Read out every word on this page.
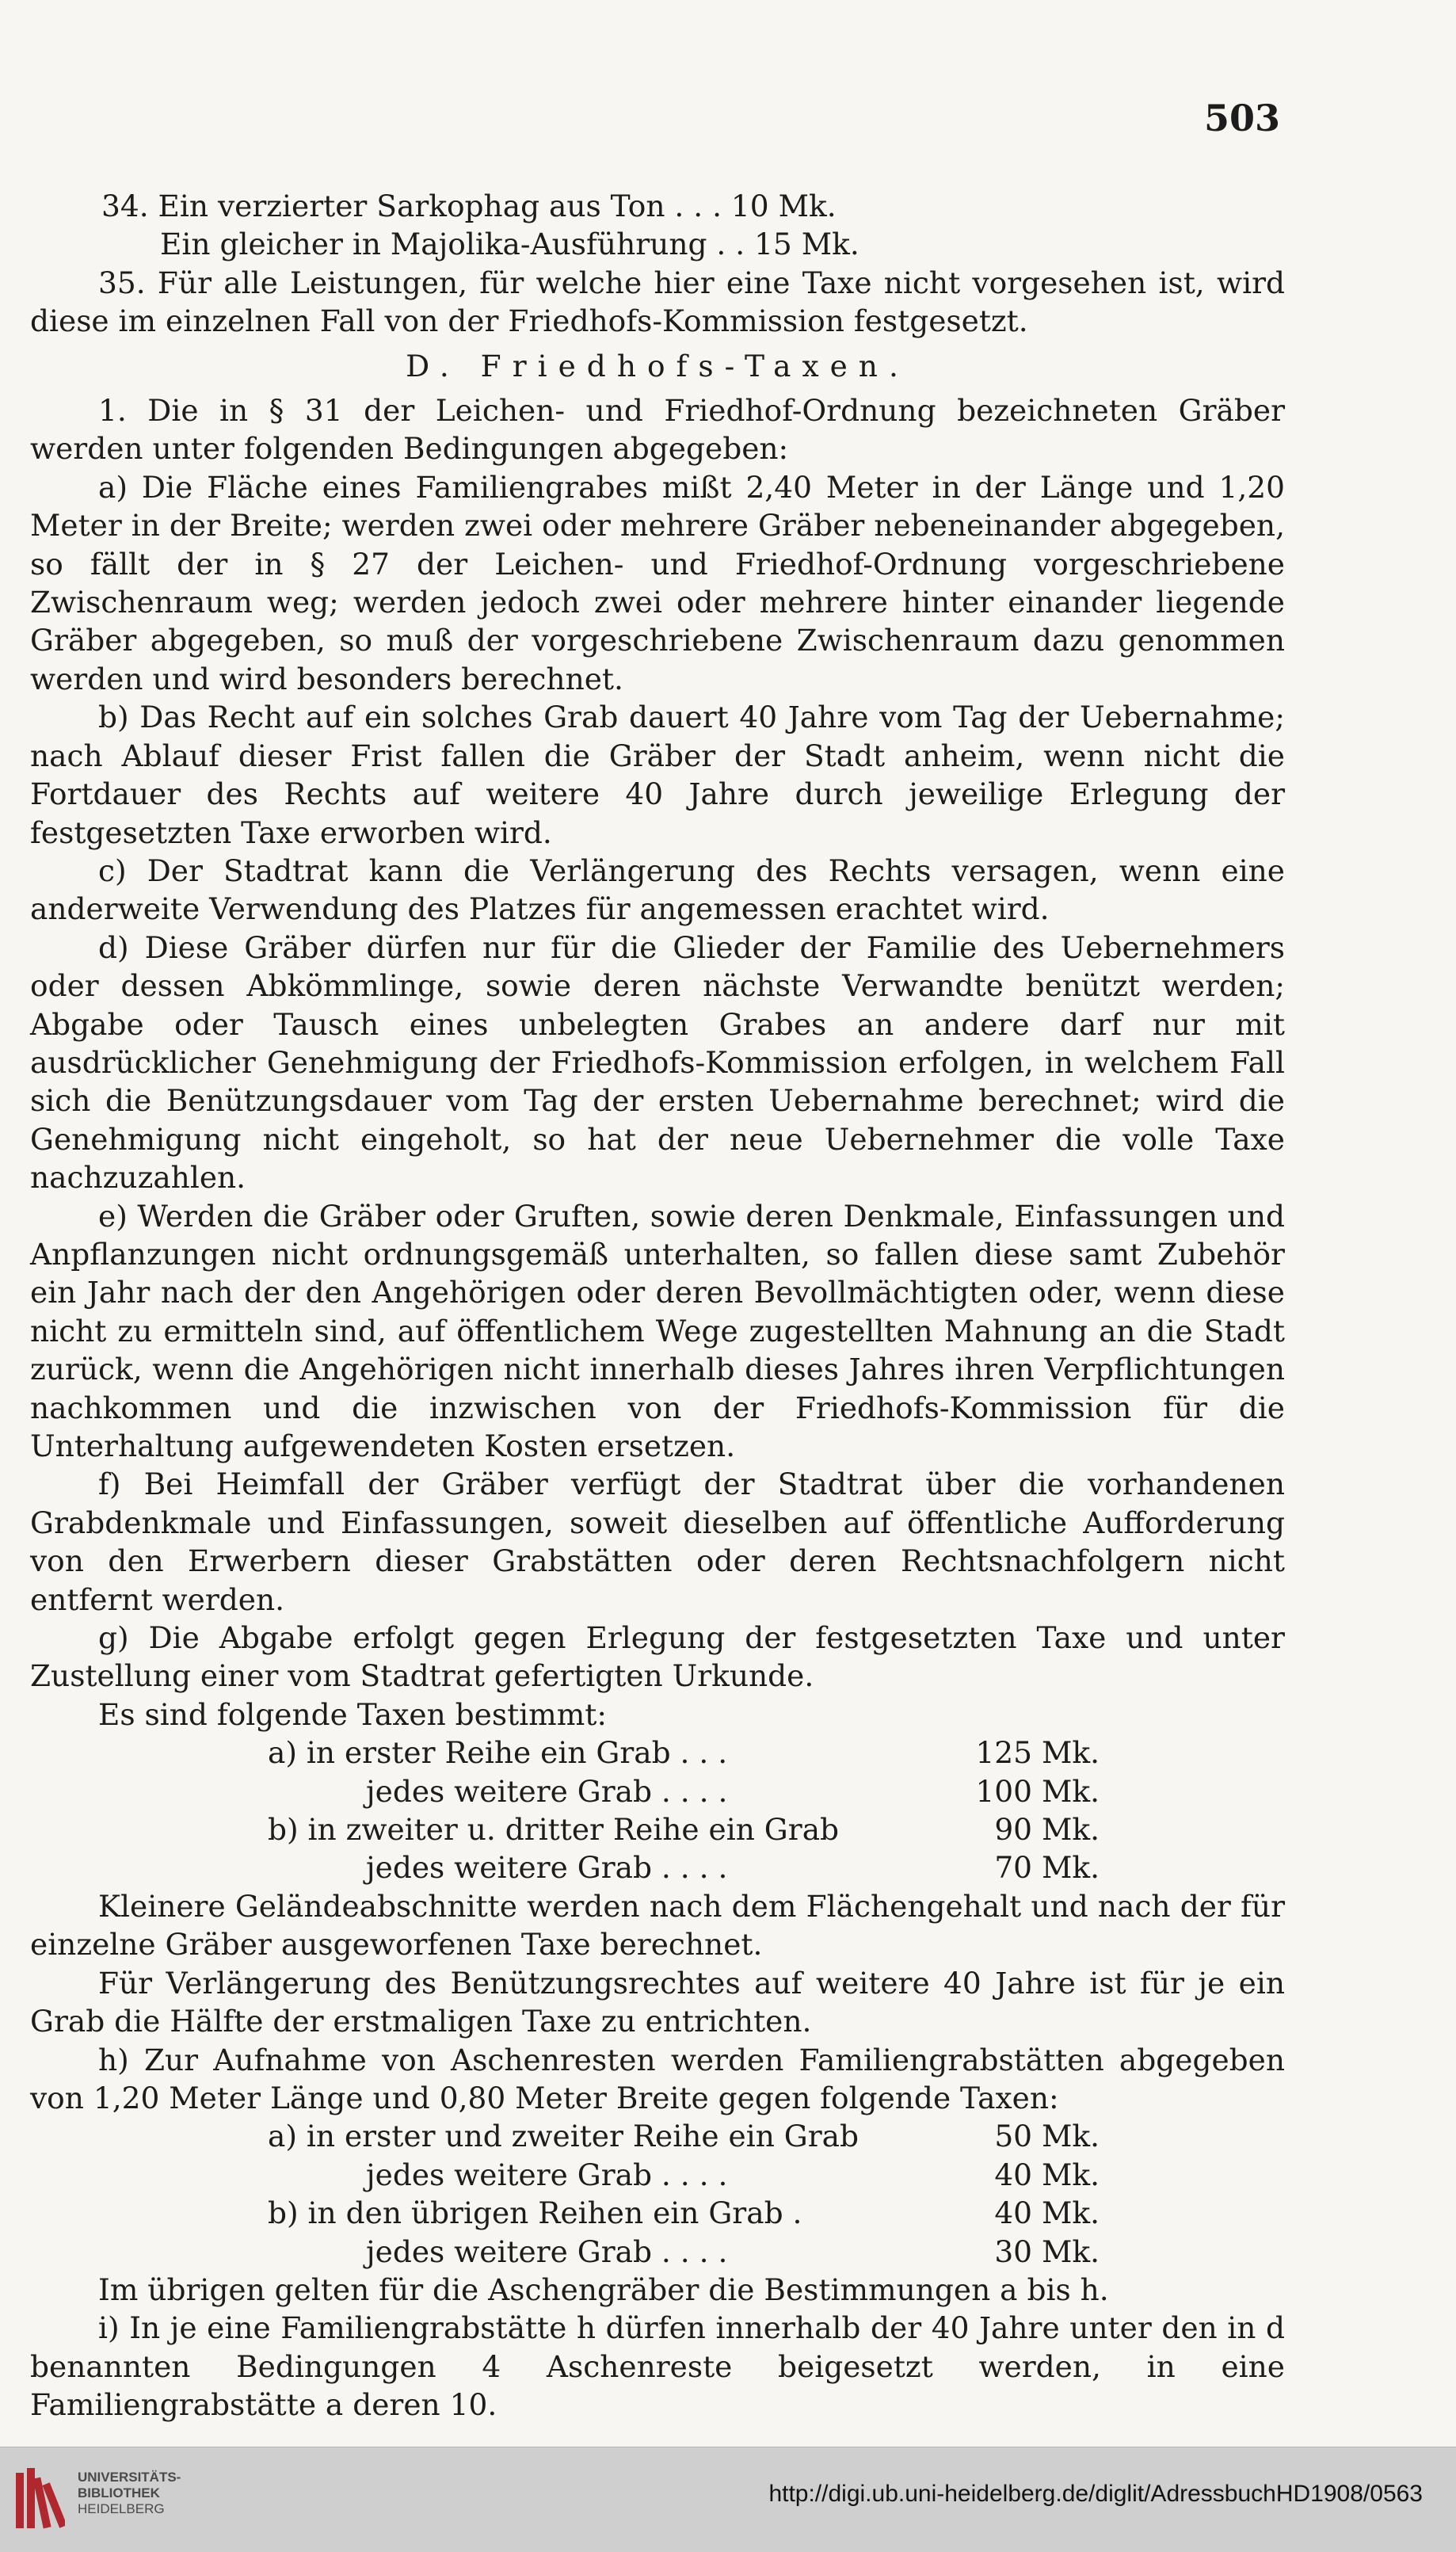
503
34. Ein verzierter Sarkophag aus Ton . . . 10 Mk.
Ein gleicher in Majolika-Ausführung . . 15 Mk.
35. Für alle Leistungen, für welche hier eine Taxe nicht vorgesehen ist, wird diese im einzelnen Fall von der Friedhofs-Kommission festgesetzt.
D. Friedhofs-Taxen.
1. Die in § 31 der Leichen- und Friedhof-Ordnung bezeichneten Gräber werden unter folgenden Bedingungen abgegeben:
a) Die Fläche eines Familiengrabes mißt 2,40 Meter in der Länge und 1,20 Meter in der Breite; werden zwei oder mehrere Gräber nebeneinander abgegeben, so fällt der in § 27 der Leichen- und Friedhof-Ordnung vorgeschriebene Zwischenraum weg; werden jedoch zwei oder mehrere hinter einander liegende Gräber abgegeben, so muß der vorgeschriebene Zwischenraum dazu genommen werden und wird besonders berechnet.
b) Das Recht auf ein solches Grab dauert 40 Jahre vom Tag der Uebernahme; nach Ablauf dieser Frist fallen die Gräber der Stadt anheim, wenn nicht die Fortdauer des Rechts auf weitere 40 Jahre durch jeweilige Erlegung der festgesetzten Taxe erworben wird.
c) Der Stadtrat kann die Verlängerung des Rechts versagen, wenn eine anderweite Verwendung des Platzes für angemessen erachtet wird.
d) Diese Gräber dürfen nur für die Glieder der Familie des Uebernehmers oder dessen Abkömmlinge, sowie deren nächste Verwandte benützt werden; Abgabe oder Tausch eines unbelegten Grabes an andere darf nur mit ausdrücklicher Genehmigung der Friedhofs-Kommission erfolgen, in welchem Fall sich die Benützungsdauer vom Tag der ersten Uebernahme berechnet; wird die Genehmigung nicht eingeholt, so hat der neue Uebernehmer die volle Taxe nachzuzahlen.
e) Werden die Gräber oder Gruften, sowie deren Denkmale, Einfassungen und Anpflanzungen nicht ordnungsgemäß unterhalten, so fallen diese samt Zubehör ein Jahr nach der den Angehörigen oder deren Bevollmächtigten oder, wenn diese nicht zu ermitteln sind, auf öffentlichem Wege zugestellten Mahnung an die Stadt zurück, wenn die Angehörigen nicht innerhalb dieses Jahres ihren Verpflichtungen nachkommen und die inzwischen von der Friedhofs-Kommission für die Unterhaltung aufgewendeten Kosten ersetzen.
f) Bei Heimfall der Gräber verfügt der Stadtrat über die vorhandenen Grabdenkmale und Einfassungen, soweit dieselben auf öffentliche Aufforderung von den Erwerbern dieser Grabstätten oder deren Rechtsnachfolgern nicht entfernt werden.
g) Die Abgabe erfolgt gegen Erlegung der festgesetzten Taxe und unter Zustellung einer vom Stadtrat gefertigten Urkunde.
Es sind folgende Taxen bestimmt:
a) in erster Reihe ein Grab . . .	125 Mk.
jedes weitere Grab . . . .	100 Mk.
b) in zweiter u. dritter Reihe ein Grab	90 Mk.
jedes weitere Grab . . . .	70 Mk.
Kleinere Geländeabschnitte werden nach dem Flächengehalt und nach der für einzelne Gräber ausgeworfenen Taxe berechnet.
Für Verlängerung des Benützungsrechtes auf weitere 40 Jahre ist für je ein Grab die Hälfte der erstmaligen Taxe zu entrichten.
h) Zur Aufnahme von Aschenresten werden Familiengrabstätten abgegeben von 1,20 Meter Länge und 0,80 Meter Breite gegen folgende Taxen:
a) in erster und zweiter Reihe ein Grab	50 Mk.
jedes weitere Grab . . . .	40 Mk.
b) in den übrigen Reihen ein Grab .	40 Mk.
jedes weitere Grab . . . .	30 Mk.
Im übrigen gelten für die Aschengräber die Bestimmungen a bis h.
i) In je eine Familiengrabstätte h dürfen innerhalb der 40 Jahre unter den in d benannten Bedingungen 4 Aschenreste beigesetzt werden, in eine Familiengrabstätte a deren 10.
UNIVERSITÄTS-
BIBLIOTHEK
HEIDELBERG
http://digi.ub.uni-heidelberg.de/diglit/AdressbuchHD1908/0563
